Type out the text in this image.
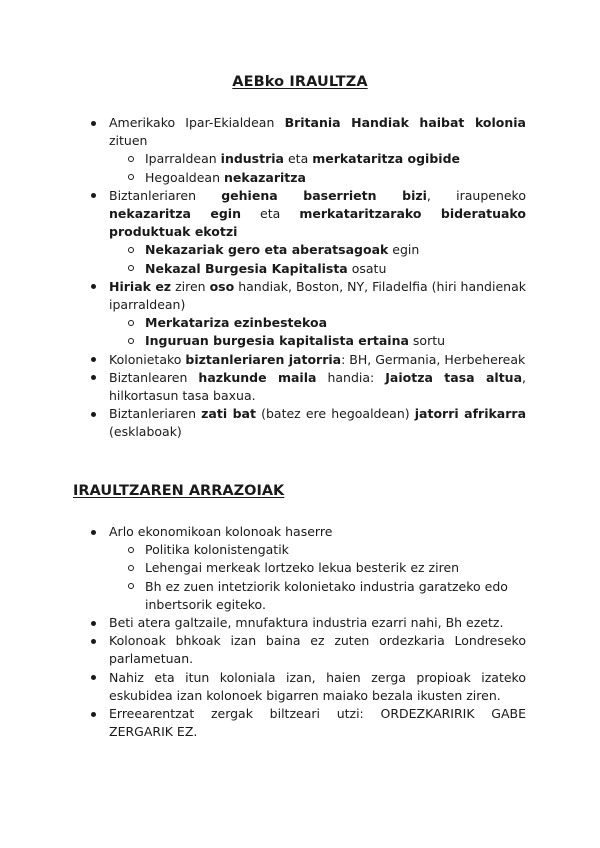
AEBko IRAULTZA
Amerikako Ipar-Ekialdean Britania Handiak haibat kolonia zituen
Iparraldean industria eta merkataritza ogibide
Hegoaldean nekazaritza
Biztanleriaren gehiena baserrietn bizi, iraupeneko nekazaritza egin eta merkataritzarako bideratuako produktuak ekotzi
Nekazariak gero eta aberatsagoak egin
Nekazal Burgesia Kapitalista osatu
Hiriak ez ziren oso handiak, Boston, NY, Filadelfia (hiri handienak iparraldean)
Merkatariza ezinbestekoa
Inguruan burgesia kapitalista ertaina sortu
Kolonietako biztanleriaren jatorria: BH, Germania, Herbehereak
Biztanlearen hazkunde maila handia: Jaiotza tasa altua, hilkortasun tasa baxua.
Biztanleriaren zati bat (batez ere hegoaldean) jatorri afrikarra (esklaboak)
IRAULTZAREN ARRAZOIAK
Arlo ekonomikoan kolonoak haserre
Politika kolonistengatik
Lehengai merkeak lortzeko lekua besterik ez ziren
Bh ez zuen intetziorik kolonietako industria garatzeko edo inbertsorik egiteko.
Beti atera galtzaile, mnufaktura industria ezarri nahi, Bh ezetz.
Kolonoak bhkoak izan baina ez zuten ordezkaria Londreseko parlametuan.
Nahiz eta itun koloniala izan, haien zerga propioak izateko eskubidea izan kolonoek bigarren maiako bezala ikusten ziren.
Erreearentzat zergak biltzeari utzi: ORDEZKARIRIK GABE ZERGARIK EZ.
